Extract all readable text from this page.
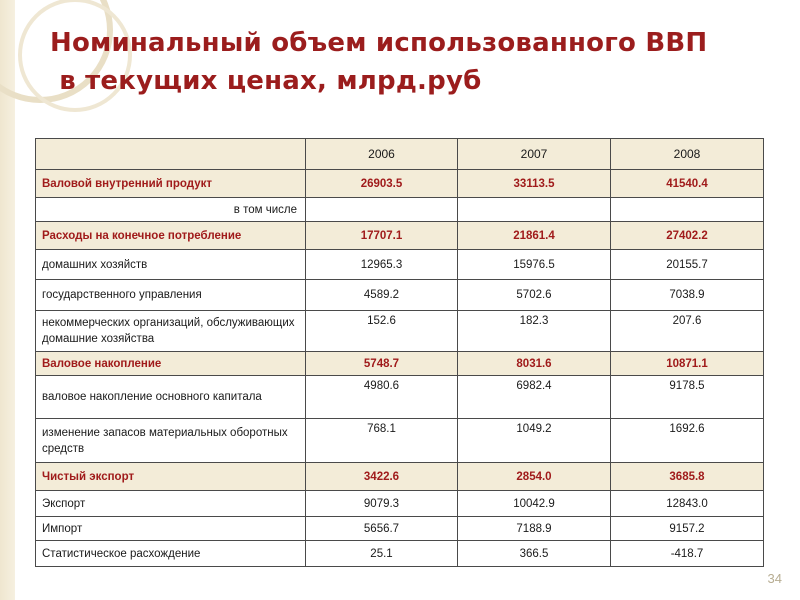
Номинальный объем использованного ВВП
в текущих ценах, млрд.руб
	2006	2007	2008
Валовой внутренний продукт	26903.5	33113.5	41540.4
в том числе			
Расходы на конечное потребление	17707.1	21861.4	27402.2
домашних хозяйств	12965.3	15976.5	20155.7
государственного управления	4589.2	5702.6	7038.9
некоммерческих организаций, обслуживающих домашние хозяйства	152.6	182.3	207.6
Валовое накопление	5748.7	8031.6	10871.1
валовое накопление основного капитала	4980.6	6982.4	9178.5
изменение запасов материальных оборотных средств	768.1	1049.2	1692.6
Чистый экспорт	3422.6	2854.0	3685.8
Экспорт	9079.3	10042.9	12843.0
Импорт	5656.7	7188.9	9157.2
Статистическое расхождение	25.1	366.5	-418.7
34
